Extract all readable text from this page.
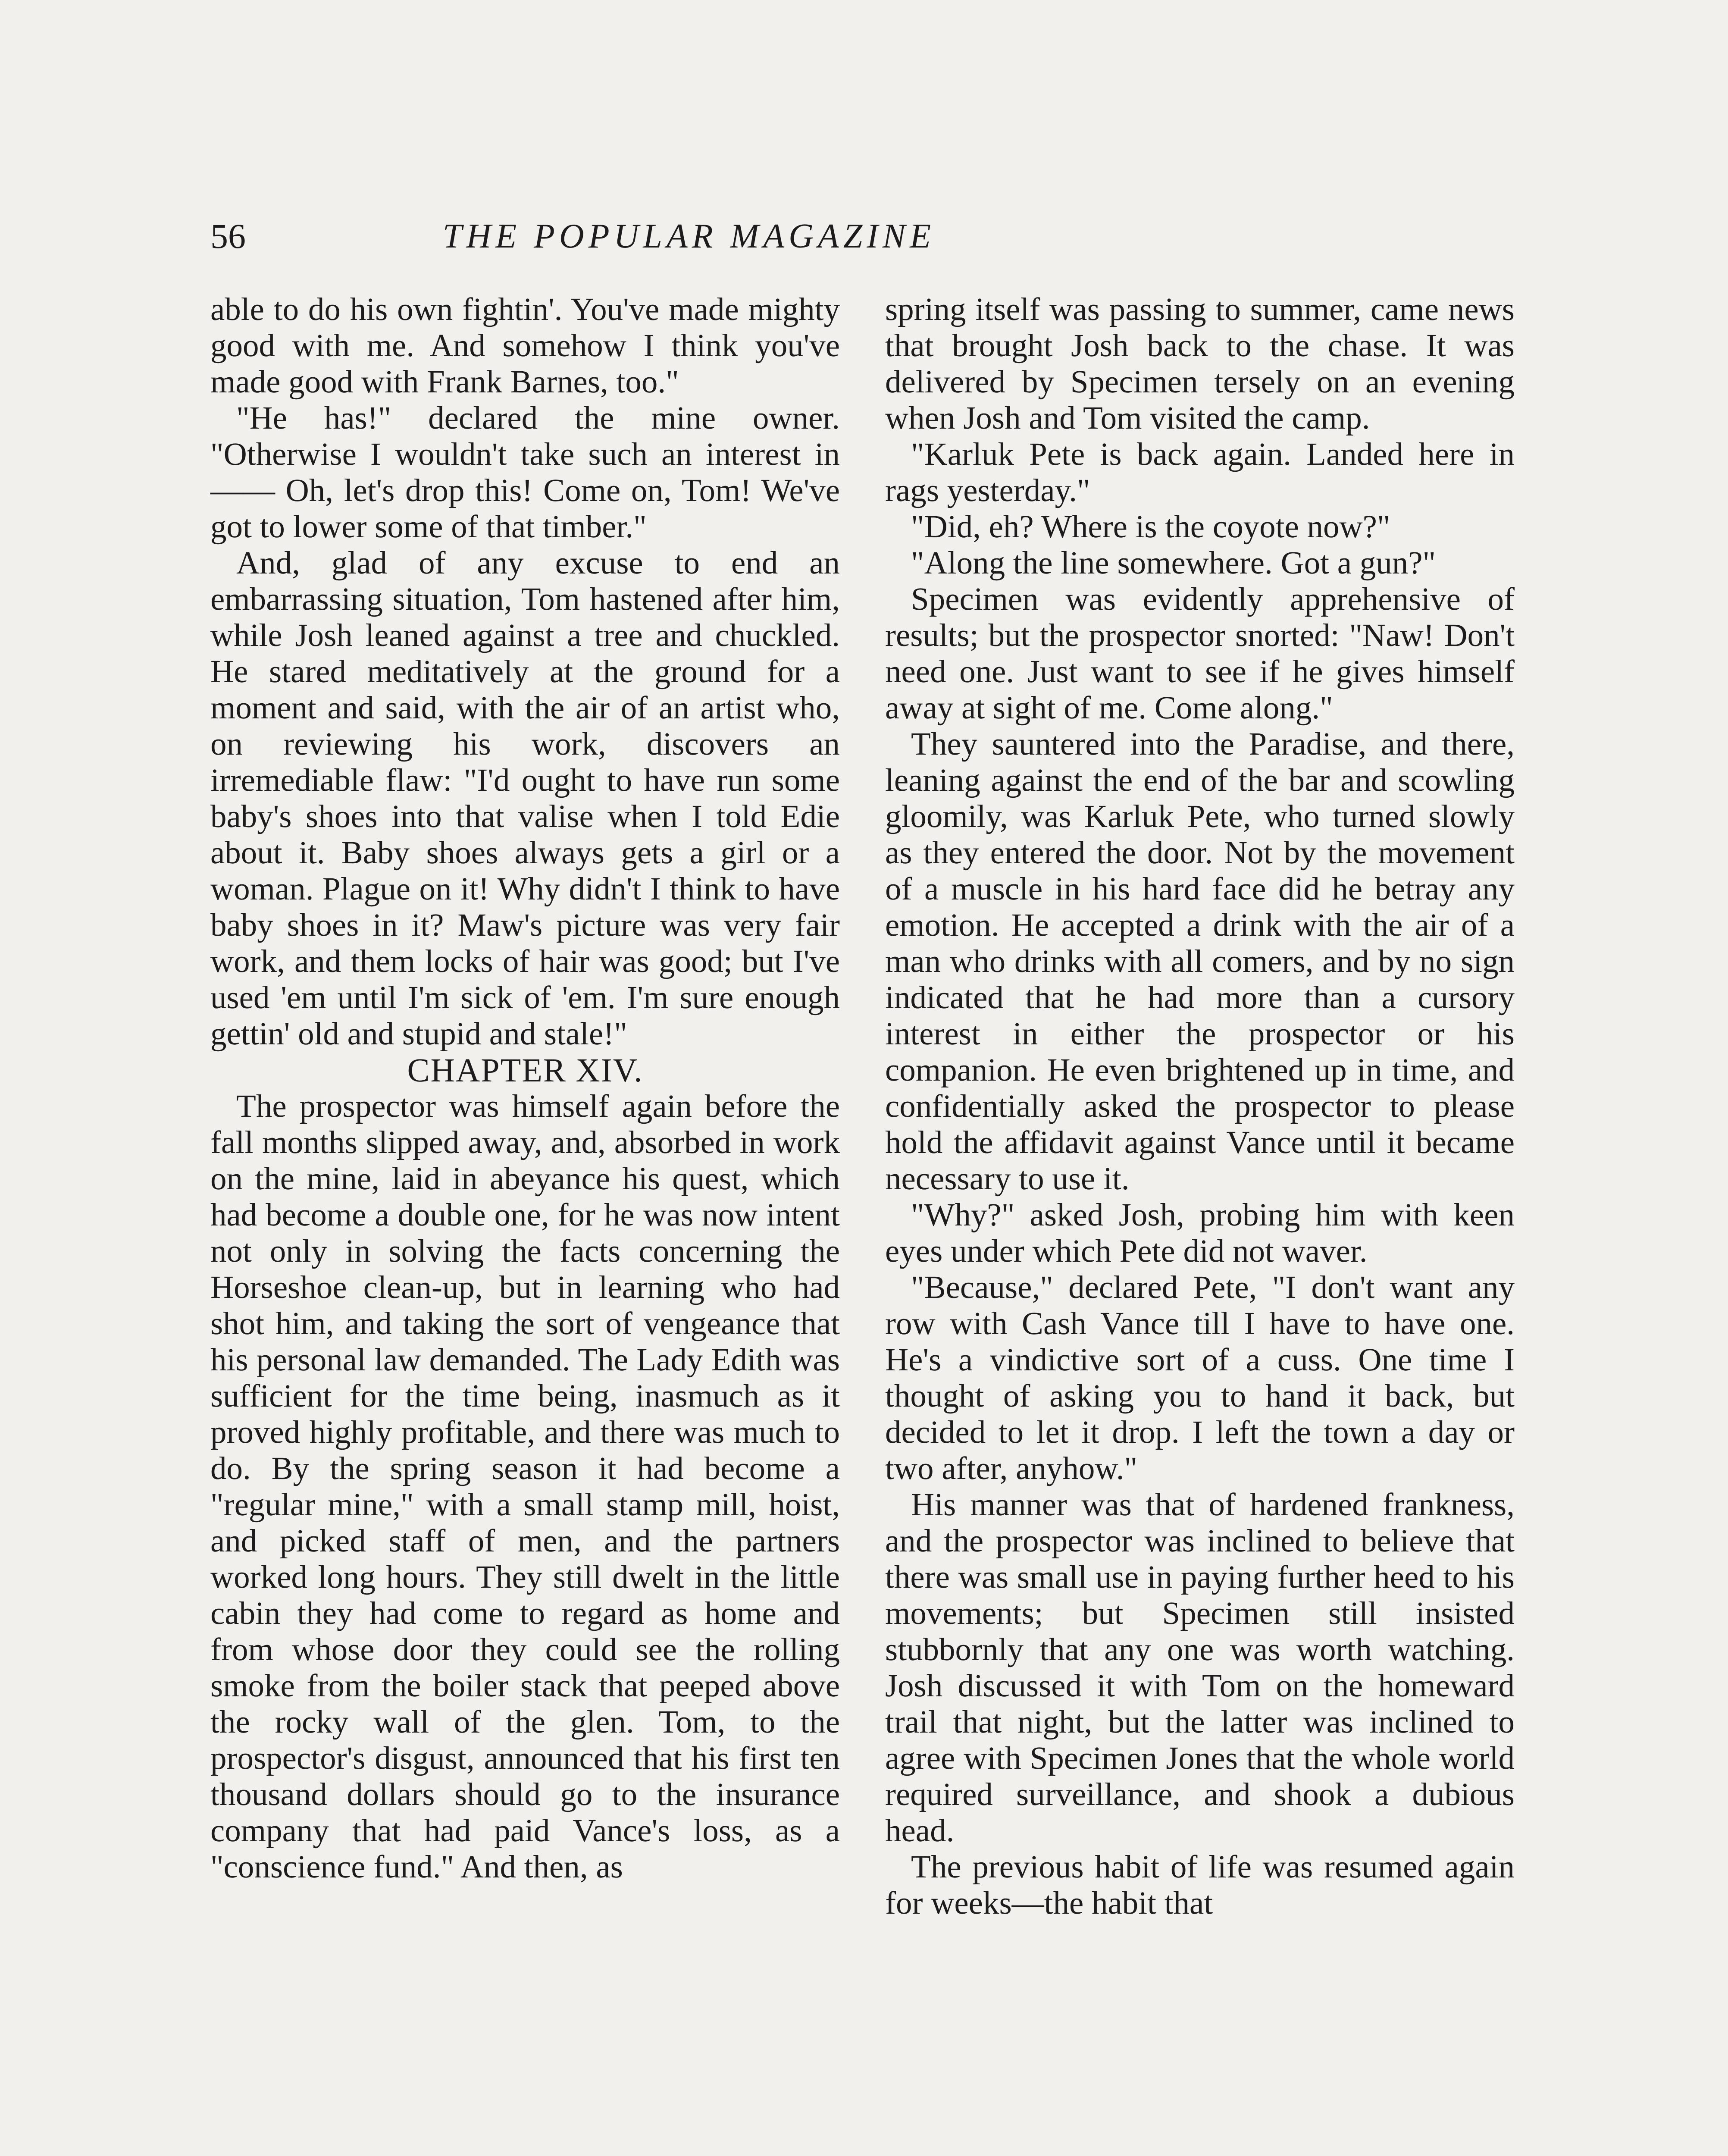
56	THE POPULAR MAGAZINE

able to do his own fightin'. You've made mighty good with me. And somehow I think you've made good with Frank Barnes, too."

"He has!" declared the mine owner. "Otherwise I wouldn't take such an interest in—— Oh, let's drop this! Come on, Tom! We've got to lower some of that timber."

And, glad of any excuse to end an embarrassing situation, Tom hastened after him, while Josh leaned against a tree and chuckled. He stared meditatively at the ground for a moment and said, with the air of an artist who, on reviewing his work, discovers an irremediable flaw: "I'd ought to have run some baby's shoes into that valise when I told Edie about it. Baby shoes always gets a girl or a woman. Plague on it! Why didn't I think to have baby shoes in it? Maw's picture was very fair work, and them locks of hair was good; but I've used 'em until I'm sick of 'em. I'm sure enough gettin' old and stupid and stale!"

CHAPTER XIV.

The prospector was himself again before the fall months slipped away, and, absorbed in work on the mine, laid in abeyance his quest, which had become a double one, for he was now intent not only in solving the facts concerning the Horseshoe clean-up, but in learning who had shot him, and taking the sort of vengeance that his personal law demanded. The Lady Edith was sufficient for the time being, inasmuch as it proved highly profitable, and there was much to do. By the spring season it had become a "regular mine," with a small stamp mill, hoist, and picked staff of men, and the partners worked long hours. They still dwelt in the little cabin they had come to regard as home and from whose door they could see the rolling smoke from the boiler stack that peeped above the rocky wall of the glen. Tom, to the prospector's disgust, announced that his first ten thousand dollars should go to the insurance company that had paid Vance's loss, as a "conscience fund." And then, as

spring itself was passing to summer, came news that brought Josh back to the chase. It was delivered by Specimen tersely on an evening when Josh and Tom visited the camp.

"Karluk Pete is back again. Landed here in rags yesterday."

"Did, eh? Where is the coyote now?"

"Along the line somewhere. Got a gun?"

Specimen was evidently apprehensive of results; but the prospector snorted: "Naw! Don't need one. Just want to see if he gives himself away at sight of me. Come along."

They sauntered into the Paradise, and there, leaning against the end of the bar and scowling gloomily, was Karluk Pete, who turned slowly as they entered the door. Not by the movement of a muscle in his hard face did he betray any emotion. He accepted a drink with the air of a man who drinks with all comers, and by no sign indicated that he had more than a cursory interest in either the prospector or his companion. He even brightened up in time, and confidentially asked the prospector to please hold the affidavit against Vance until it became necessary to use it.

"Why?" asked Josh, probing him with keen eyes under which Pete did not waver.

"Because," declared Pete, "I don't want any row with Cash Vance till I have to have one. He's a vindictive sort of a cuss. One time I thought of asking you to hand it back, but decided to let it drop. I left the town a day or two after, anyhow."

His manner was that of hardened frankness, and the prospector was inclined to believe that there was small use in paying further heed to his movements; but Specimen still insisted stubbornly that any one was worth watching. Josh discussed it with Tom on the homeward trail that night, but the latter was inclined to agree with Specimen Jones that the whole world required surveillance, and shook a dubious head.

The previous habit of life was resumed again for weeks—the habit that
